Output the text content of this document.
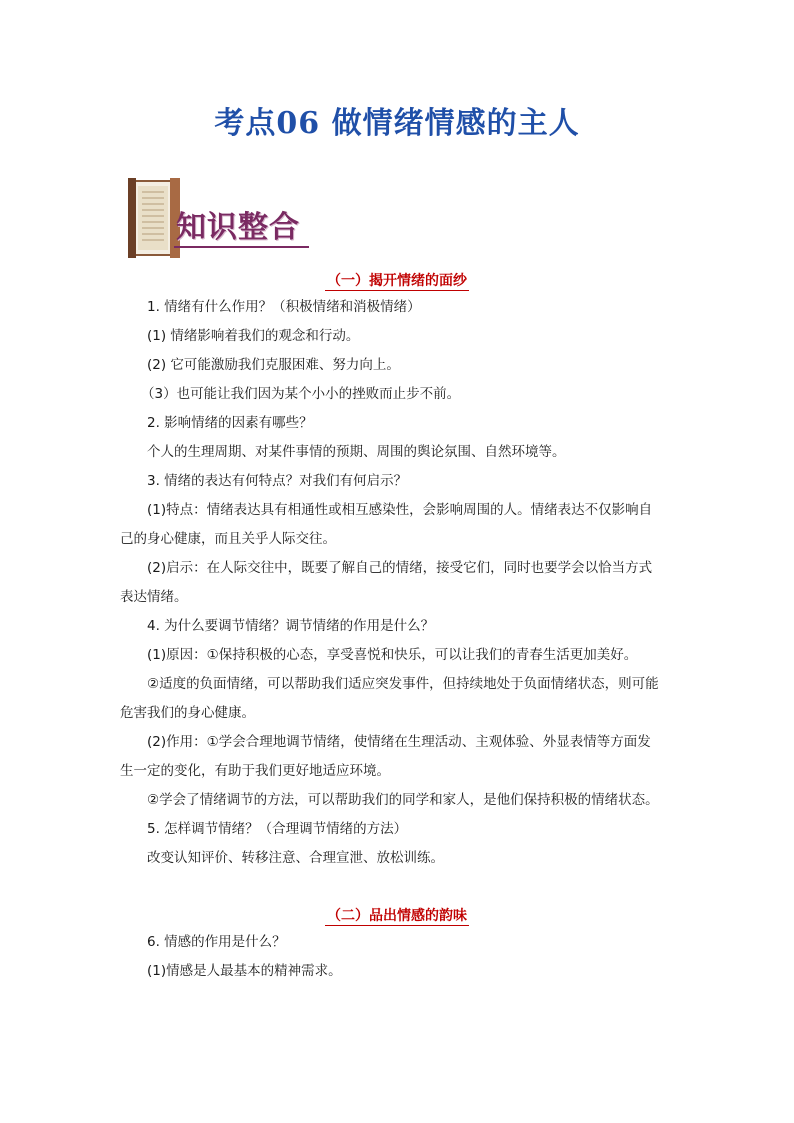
考点06 做情绪情感的主人
知识整合
（一）揭开情绪的面纱
1. 情绪有什么作用？（积极情绪和消极情绪）
(1) 情绪影响着我们的观念和行动。
(2) 它可能激励我们克服困难、努力向上。
（3）也可能让我们因为某个小小的挫败而止步不前。
2. 影响情绪的因素有哪些？
个人的生理周期、对某件事情的预期、周围的舆论氛围、自然环境等。
3. 情绪的表达有何特点？对我们有何启示？
(1)特点：情绪表达具有相通性或相互感染性，会影响周围的人。情绪表达不仅影响自
己的身心健康，而且关乎人际交往。
(2)启示：在人际交往中，既要了解自己的情绪，接受它们，同时也要学会以恰当方式
表达情绪。
4. 为什么要调节情绪？调节情绪的作用是什么？
(1)原因：①保持积极的心态，享受喜悦和快乐，可以让我们的青春生活更加美好。
②适度的负面情绪，可以帮助我们适应突发事件，但持续地处于负面情绪状态，则可能
危害我们的身心健康。
(2)作用：①学会合理地调节情绪，使情绪在生理活动、主观体验、外显表情等方面发
生一定的变化，有助于我们更好地适应环境。
②学会了情绪调节的方法，可以帮助我们的同学和家人，是他们保持积极的情绪状态。
5. 怎样调节情绪？（合理调节情绪的方法）
改变认知评价、转移注意、合理宣泄、放松训练。
（二）品出情感的韵味
6. 情感的作用是什么？
(1)情感是人最基本的精神需求。
